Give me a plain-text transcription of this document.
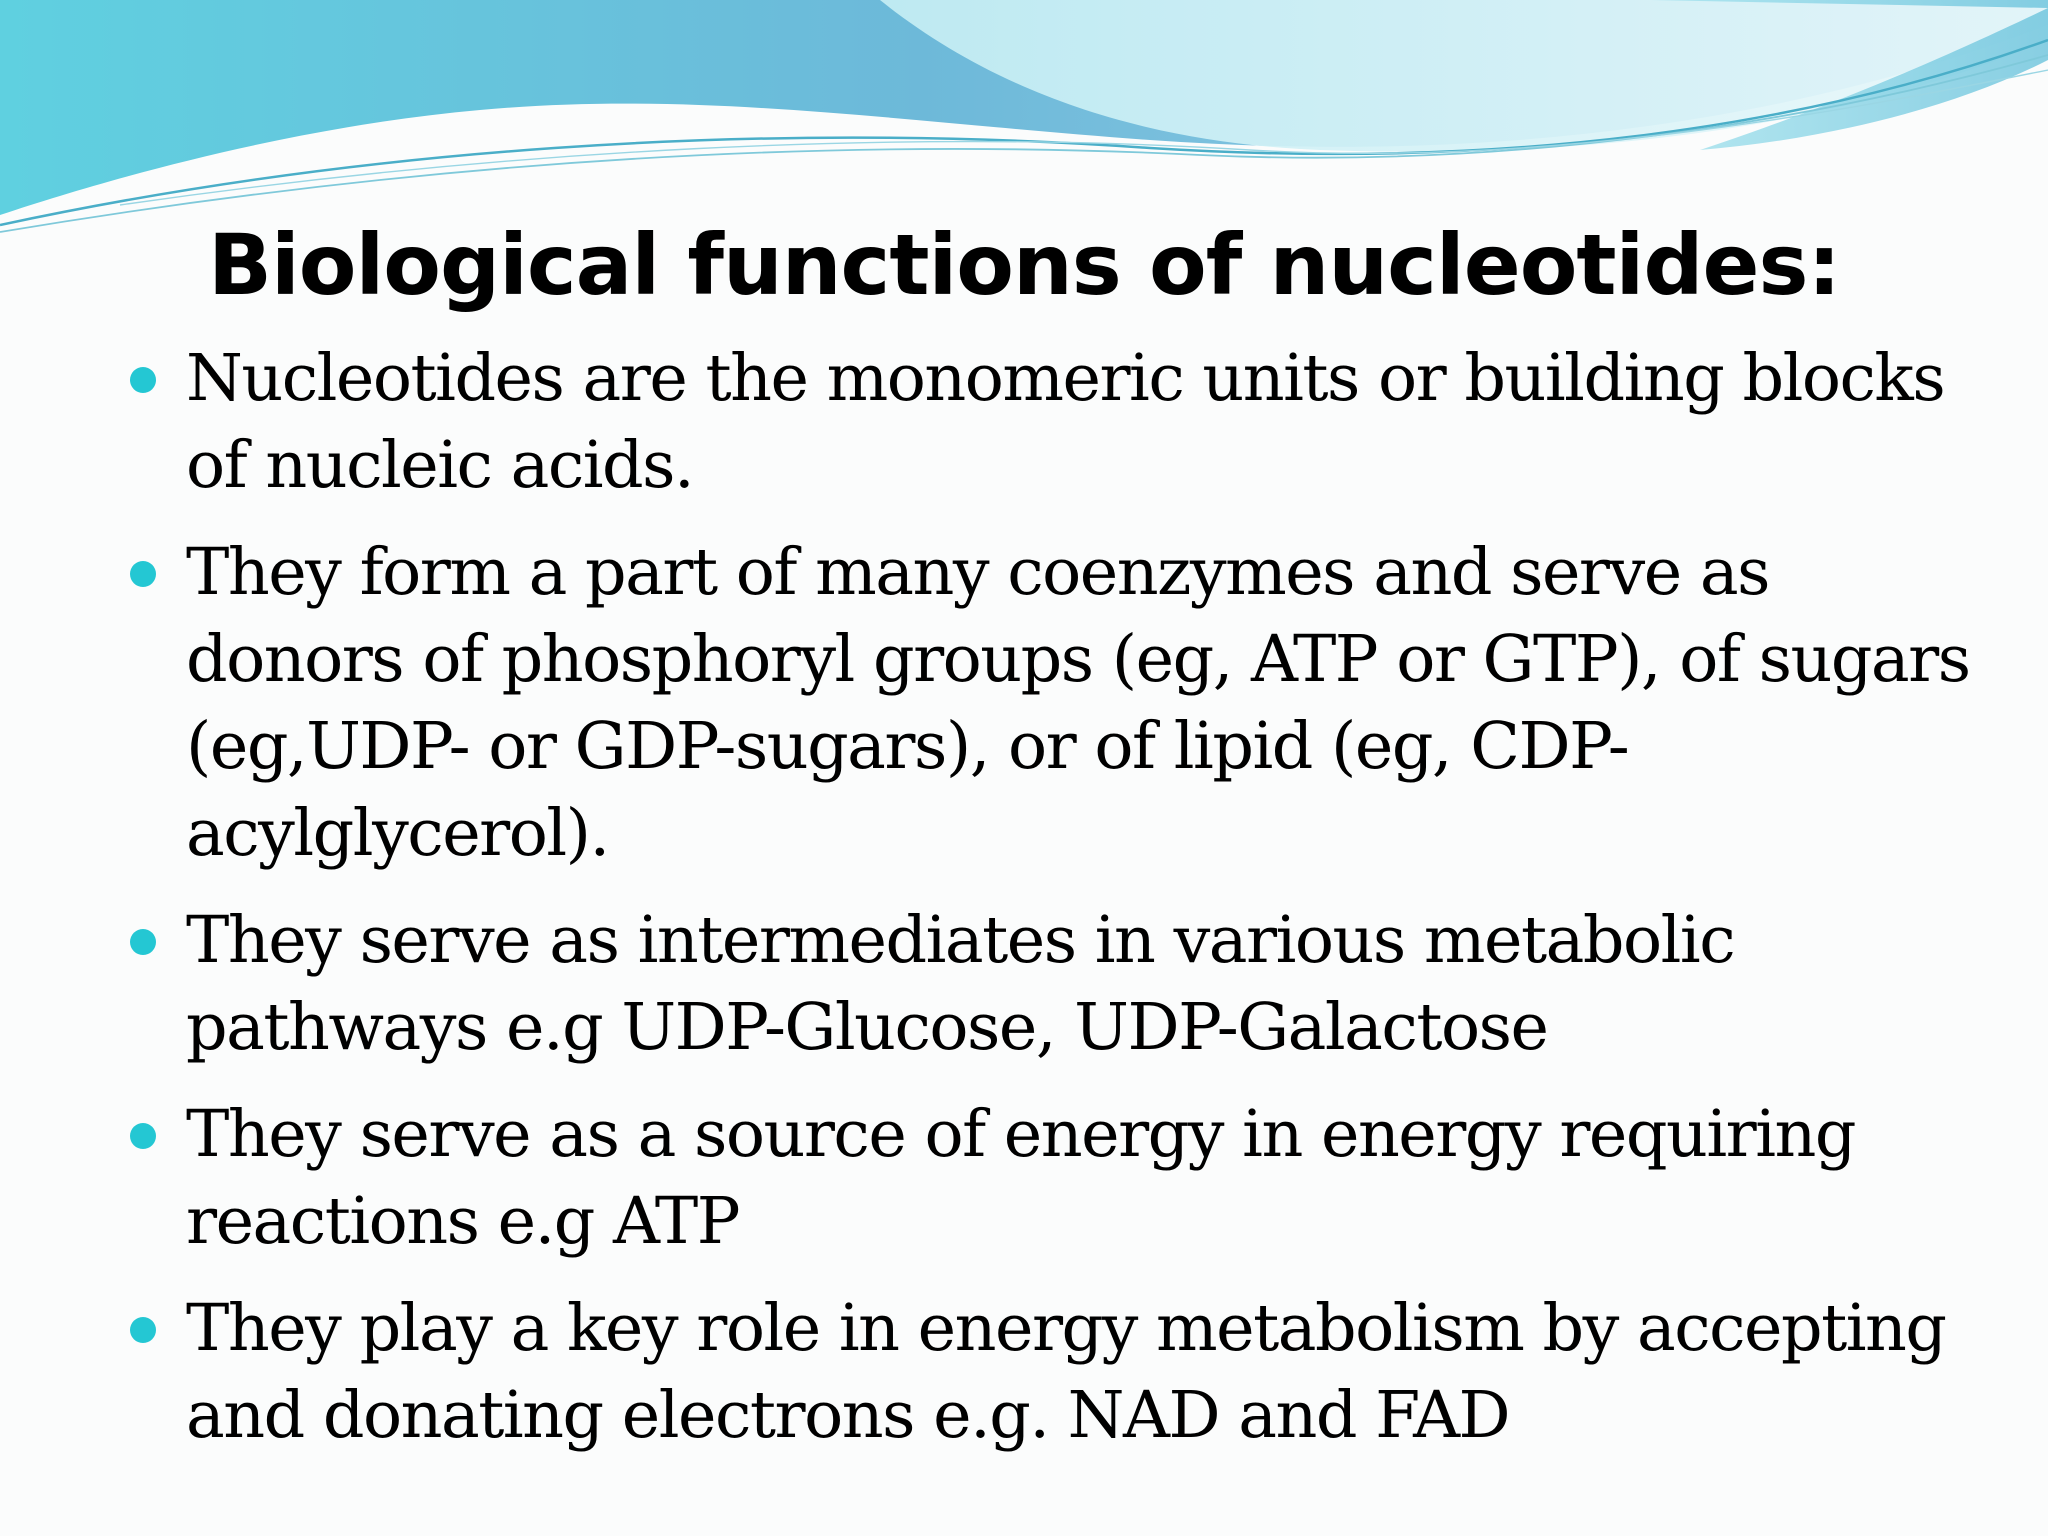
Biological functions of nucleotides:
Nucleotides are the monomeric units or building blocks of nucleic acids.
They form a part of many coenzymes and serve as donors of phosphoryl groups (eg, ATP or GTP), of sugars (eg,UDP- or GDP-sugars), or of lipid (eg, CDP-acylglycerol).
They serve as intermediates in various metabolic pathways e.g UDP-Glucose, UDP-Galactose
They serve as a source of energy in energy requiring reactions e.g ATP
They play a key role in energy metabolism by accepting and donating electrons e.g. NAD and FAD
